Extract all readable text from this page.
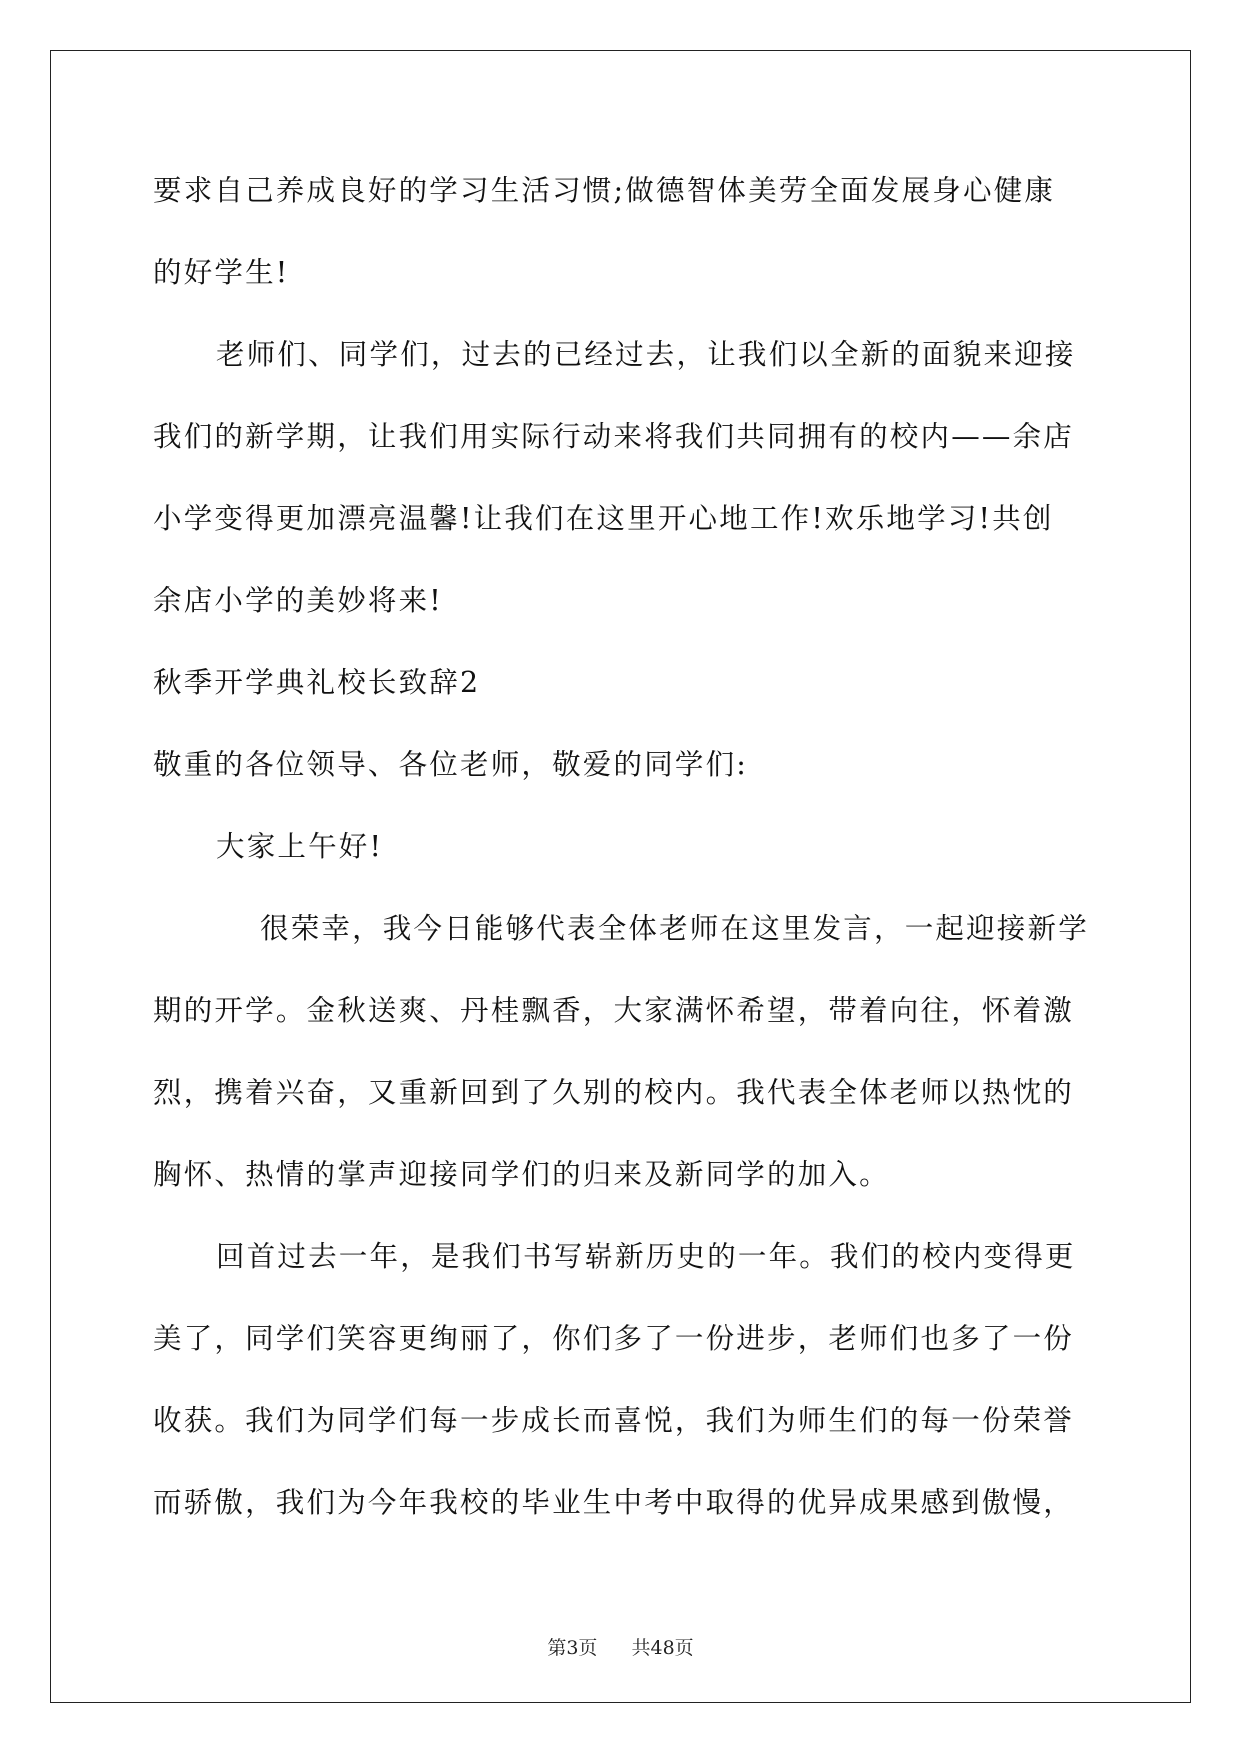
要求自己养成良好的学习生活习惯;做德智体美劳全面发展身心健康
的好学生!
老师们、同学们，过去的已经过去，让我们以全新的面貌来迎接
我们的新学期，让我们用实际行动来将我们共同拥有的校内——余店
小学变得更加漂亮温馨!让我们在这里开心地工作!欢乐地学习!共创
余店小学的美妙将来!
秋季开学典礼校长致辞2
敬重的各位领导、各位老师，敬爱的同学们:
大家上午好!
很荣幸，我今日能够代表全体老师在这里发言，一起迎接新学
期的开学。金秋送爽、丹桂飘香，大家满怀希望，带着向往，怀着激
烈，携着兴奋，又重新回到了久别的校内。我代表全体老师以热忱的
胸怀、热情的掌声迎接同学们的归来及新同学的加入。
回首过去一年，是我们书写崭新历史的一年。我们的校内变得更
美了，同学们笑容更绚丽了，你们多了一份进步，老师们也多了一份
收获。我们为同学们每一步成长而喜悦，我们为师生们的每一份荣誉
而骄傲，我们为今年我校的毕业生中考中取得的优异成果感到傲慢，
第3页 共48页
